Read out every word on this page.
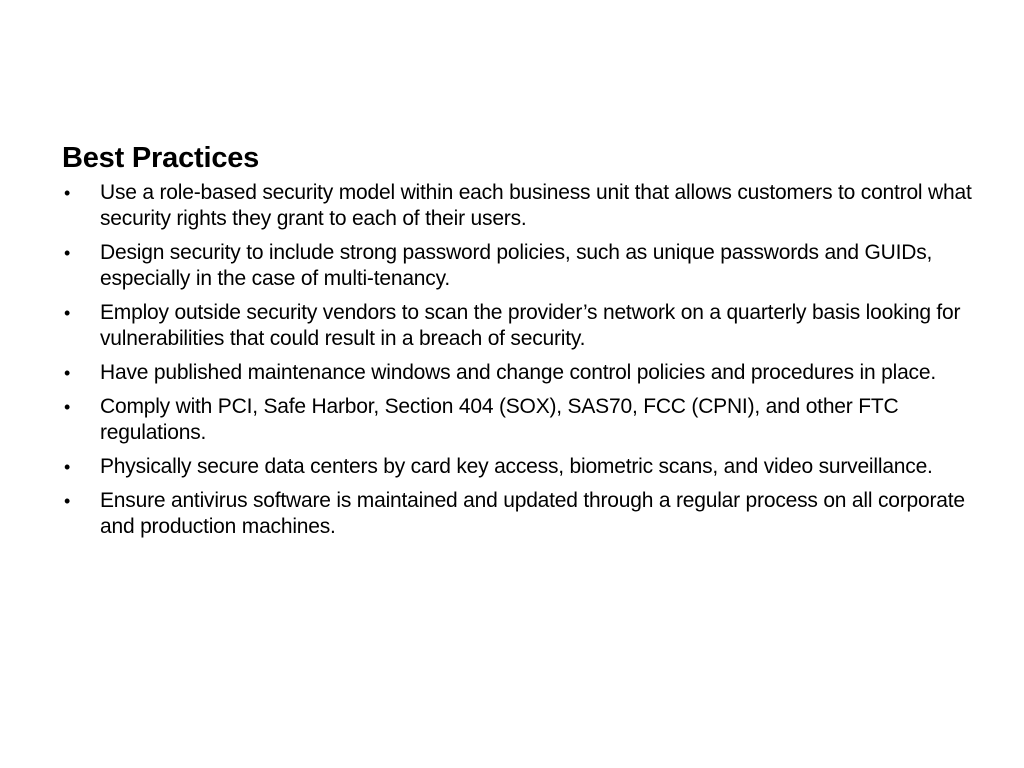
Best Practices
• Use a role-based security model within each business unit that allows customers to control what security rights they grant to each of their users.
• Design security to include strong password policies, such as unique passwords and GUIDs, especially in the case of multi-tenancy.
• Employ outside security vendors to scan the provider’s network on a quarterly basis looking for vulnerabilities that could result in a breach of security.
• Have published maintenance windows and change control policies and procedures in place.
• Comply with PCI, Safe Harbor, Section 404 (SOX), SAS70, FCC (CPNI), and other FTC regulations.
• Physically secure data centers by card key access, biometric scans, and video surveillance.
• Ensure antivirus software is maintained and updated through a regular process on all corporate and production machines.
